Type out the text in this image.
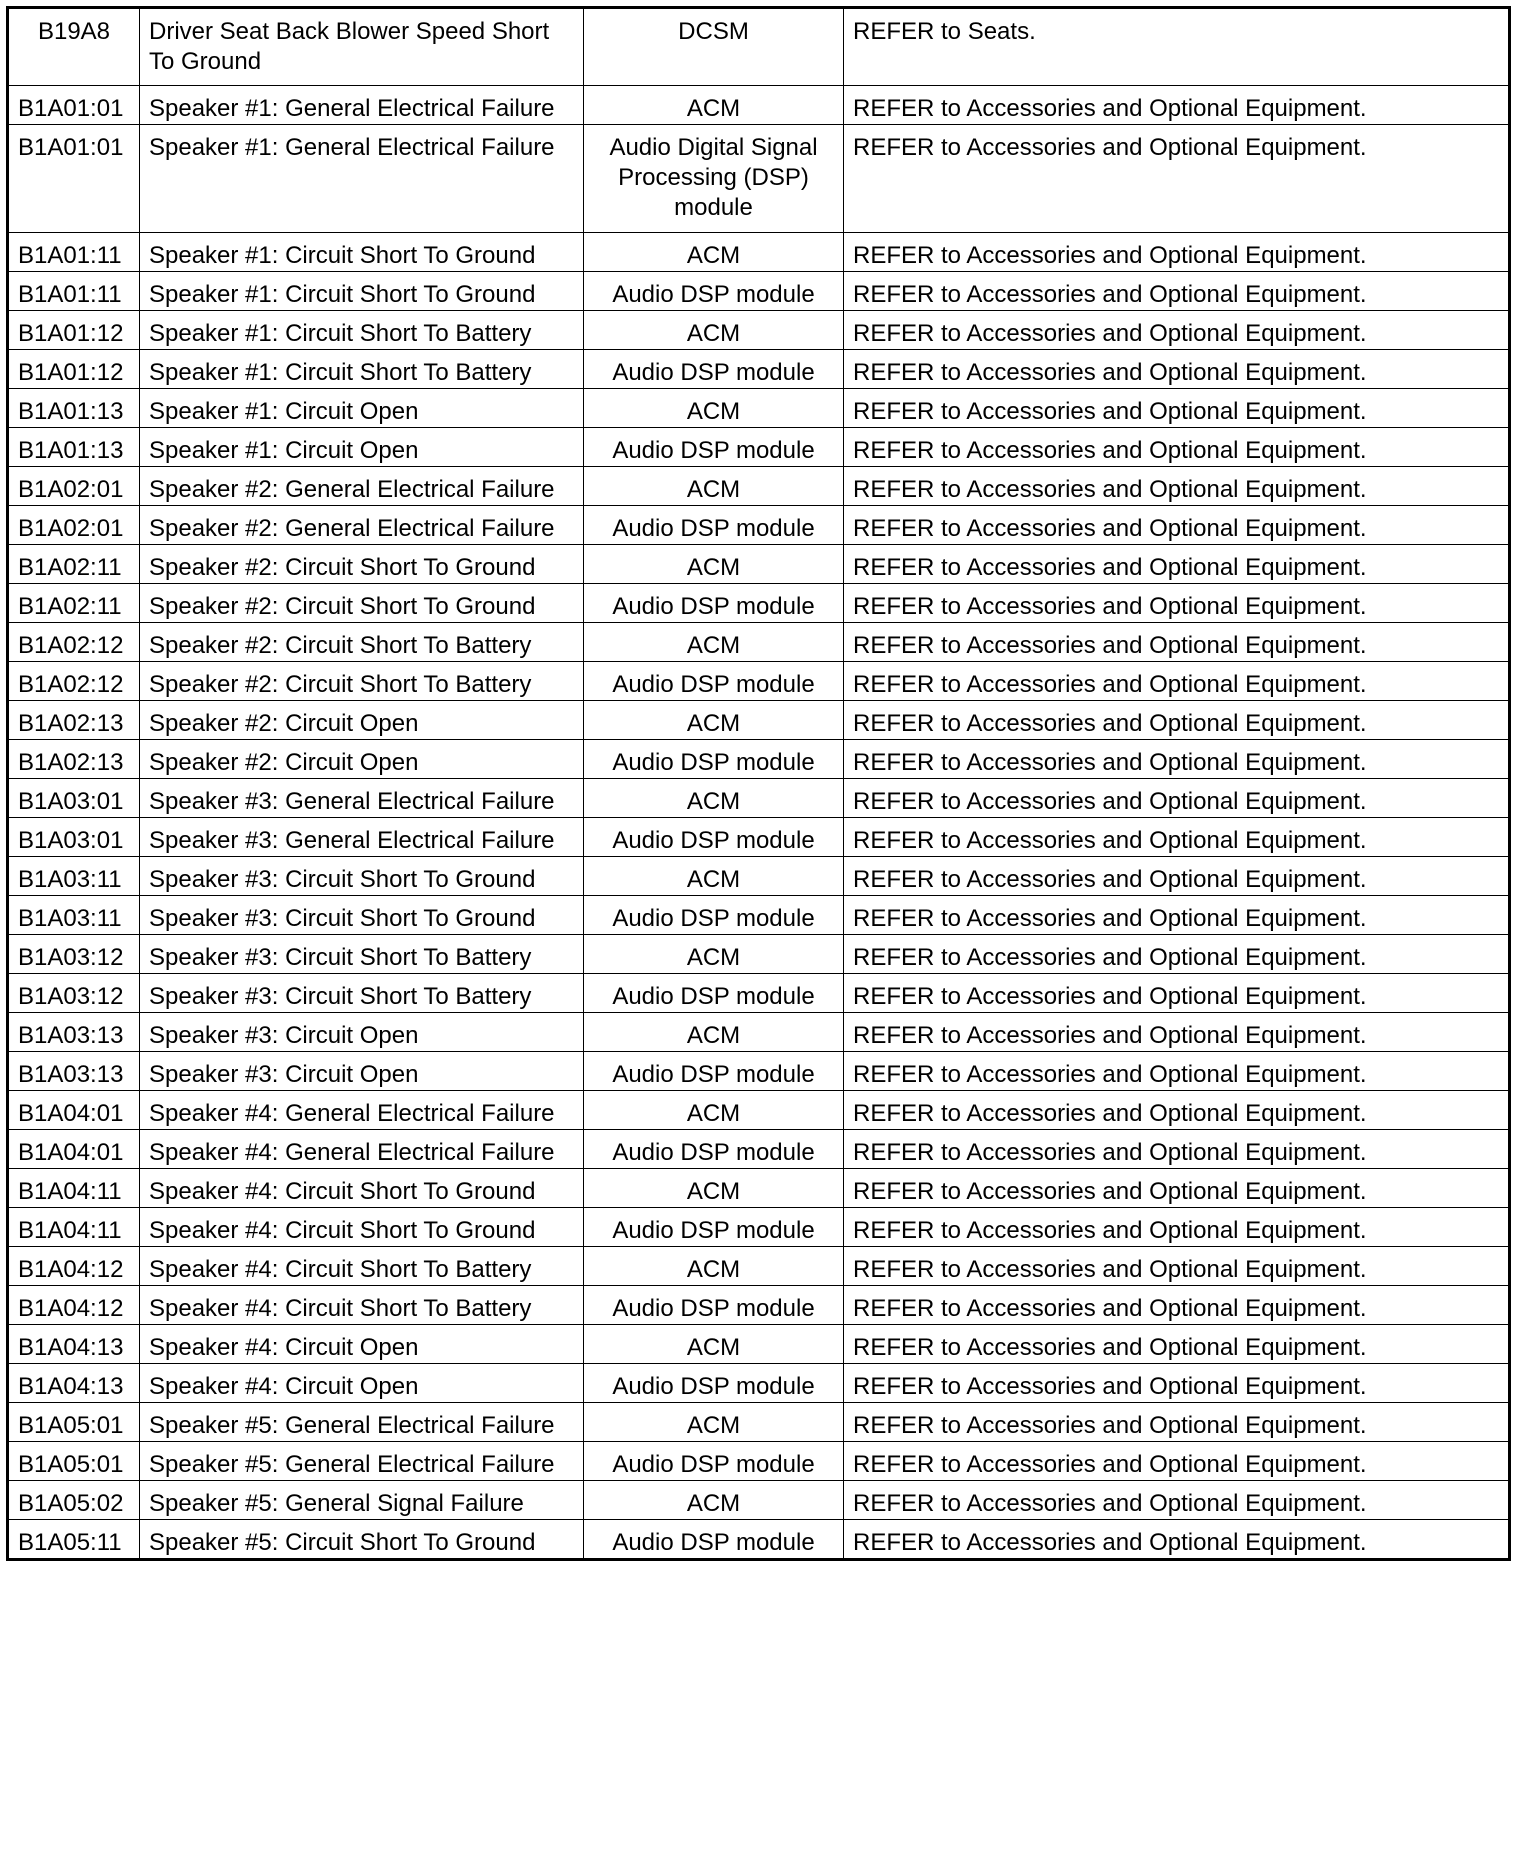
B19A8	Driver Seat Back Blower Speed Short To Ground	DCSM	REFER to Seats.
B1A01:01	Speaker #1: General Electrical Failure	ACM	REFER to Accessories and Optional Equipment.
B1A01:01	Speaker #1: General Electrical Failure	Audio Digital Signal Processing (DSP) module	REFER to Accessories and Optional Equipment.
B1A01:11	Speaker #1: Circuit Short To Ground	ACM	REFER to Accessories and Optional Equipment.
B1A01:11	Speaker #1: Circuit Short To Ground	Audio DSP module	REFER to Accessories and Optional Equipment.
B1A01:12	Speaker #1: Circuit Short To Battery	ACM	REFER to Accessories and Optional Equipment.
B1A01:12	Speaker #1: Circuit Short To Battery	Audio DSP module	REFER to Accessories and Optional Equipment.
B1A01:13	Speaker #1: Circuit Open	ACM	REFER to Accessories and Optional Equipment.
B1A01:13	Speaker #1: Circuit Open	Audio DSP module	REFER to Accessories and Optional Equipment.
B1A02:01	Speaker #2: General Electrical Failure	ACM	REFER to Accessories and Optional Equipment.
B1A02:01	Speaker #2: General Electrical Failure	Audio DSP module	REFER to Accessories and Optional Equipment.
B1A02:11	Speaker #2: Circuit Short To Ground	ACM	REFER to Accessories and Optional Equipment.
B1A02:11	Speaker #2: Circuit Short To Ground	Audio DSP module	REFER to Accessories and Optional Equipment.
B1A02:12	Speaker #2: Circuit Short To Battery	ACM	REFER to Accessories and Optional Equipment.
B1A02:12	Speaker #2: Circuit Short To Battery	Audio DSP module	REFER to Accessories and Optional Equipment.
B1A02:13	Speaker #2: Circuit Open	ACM	REFER to Accessories and Optional Equipment.
B1A02:13	Speaker #2: Circuit Open	Audio DSP module	REFER to Accessories and Optional Equipment.
B1A03:01	Speaker #3: General Electrical Failure	ACM	REFER to Accessories and Optional Equipment.
B1A03:01	Speaker #3: General Electrical Failure	Audio DSP module	REFER to Accessories and Optional Equipment.
B1A03:11	Speaker #3: Circuit Short To Ground	ACM	REFER to Accessories and Optional Equipment.
B1A03:11	Speaker #3: Circuit Short To Ground	Audio DSP module	REFER to Accessories and Optional Equipment.
B1A03:12	Speaker #3: Circuit Short To Battery	ACM	REFER to Accessories and Optional Equipment.
B1A03:12	Speaker #3: Circuit Short To Battery	Audio DSP module	REFER to Accessories and Optional Equipment.
B1A03:13	Speaker #3: Circuit Open	ACM	REFER to Accessories and Optional Equipment.
B1A03:13	Speaker #3: Circuit Open	Audio DSP module	REFER to Accessories and Optional Equipment.
B1A04:01	Speaker #4: General Electrical Failure	ACM	REFER to Accessories and Optional Equipment.
B1A04:01	Speaker #4: General Electrical Failure	Audio DSP module	REFER to Accessories and Optional Equipment.
B1A04:11	Speaker #4: Circuit Short To Ground	ACM	REFER to Accessories and Optional Equipment.
B1A04:11	Speaker #4: Circuit Short To Ground	Audio DSP module	REFER to Accessories and Optional Equipment.
B1A04:12	Speaker #4: Circuit Short To Battery	ACM	REFER to Accessories and Optional Equipment.
B1A04:12	Speaker #4: Circuit Short To Battery	Audio DSP module	REFER to Accessories and Optional Equipment.
B1A04:13	Speaker #4: Circuit Open	ACM	REFER to Accessories and Optional Equipment.
B1A04:13	Speaker #4: Circuit Open	Audio DSP module	REFER to Accessories and Optional Equipment.
B1A05:01	Speaker #5: General Electrical Failure	ACM	REFER to Accessories and Optional Equipment.
B1A05:01	Speaker #5: General Electrical Failure	Audio DSP module	REFER to Accessories and Optional Equipment.
B1A05:02	Speaker #5: General Signal Failure	ACM	REFER to Accessories and Optional Equipment.
B1A05:11	Speaker #5: Circuit Short To Ground	Audio DSP module	REFER to Accessories and Optional Equipment.
